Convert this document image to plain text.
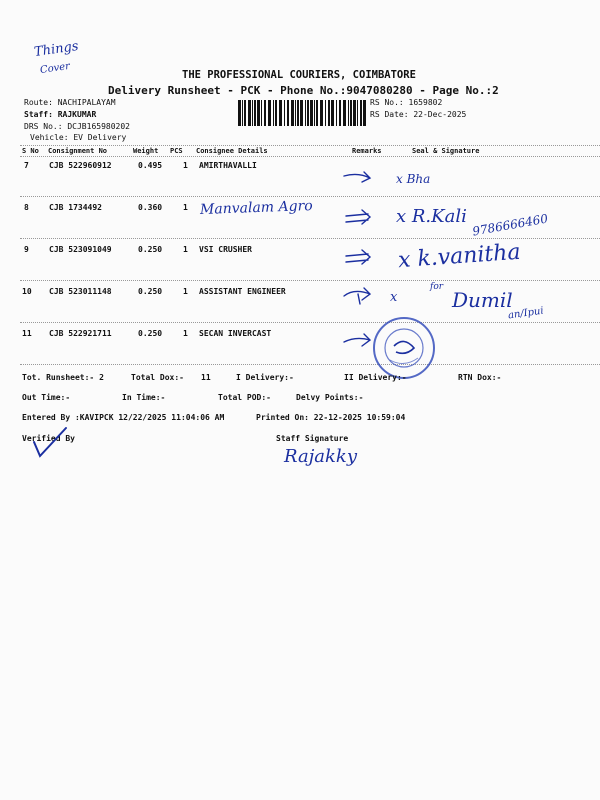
Things
Cover	THE PROFESSIONAL COURIERS, COIMBATORE
Delivery Runsheet - PCK - Phone No.:9047080280 - Page No.:2
Route: NACHIPALAYAM
Staff: RAJKUMAR
DRS No.: DCJB165980202
Vehicle: EV Delivery
RS No.: 1659802
RS Date: 22-Dec-2025
S No Consignment No	Weight PCS Consignee Details	Remarks	Seal & Signature
7	CJB 522960912	0.495	1 AMIRTHAVALLI
8	CJB 1734492	0.360	1
9	CJB 523091049	0.250	1 VSI CRUSHER
10 CJB 523011148	0.250	1 ASSISTANT ENGINEER
11 CJB 522921711	0.250	1 SECAN INVERCAST
Manvalam Agro
x Bha
x R.Kali 9786666460
x k.vanitha
x
for
Dumil
an/Ipui
Tot. Runsheet:- 2	Total Dox:- 11	I Delivery:-	II Delivery:-	RTN Dox:-
Out Time:-	In Time:-	Total POD:-	Delvy Points:-
Entered By :KAVIPCK 12/22/2025 11:04:06 AM	Printed On: 22-12-2025 10:59:04
Verified By	Staff Signature
Rajakky
